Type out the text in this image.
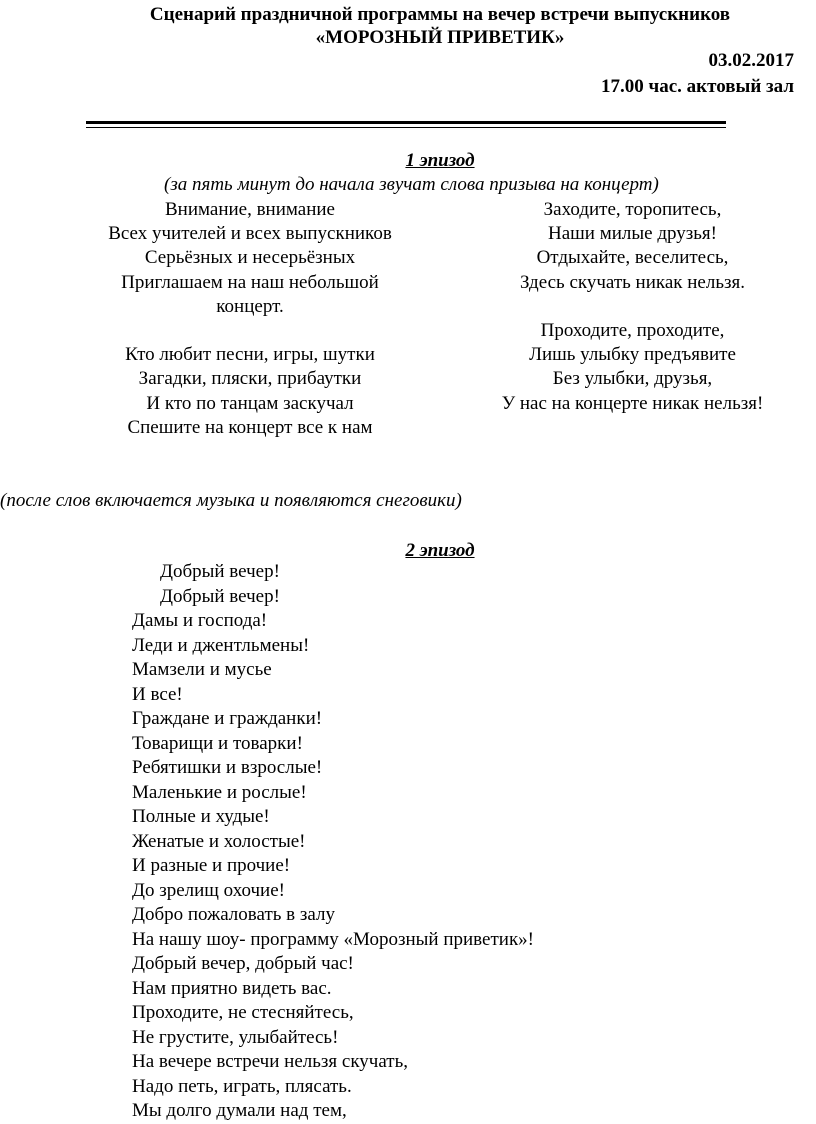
Сценарий праздничной программы на вечер встречи выпускников
«МОРОЗНЫЙ ПРИВЕТИК»
03.02.2017
17.00 час. актовый зал
1 эпизод
(за пять минут до начала звучат слова призыва на концерт)
Внимание, внимание
Всех учителей и всех выпускников
Серьёзных и несерьёзных
Приглашаем на наш небольшой
концерт.
Кто любит песни, игры, шутки
Загадки, пляски, прибаутки
И кто по танцам заскучал
Спешите на концерт все к нам
Заходите, торопитесь,
Наши милые друзья!
Отдыхайте, веселитесь,
Здесь скучать никак нельзя.
Проходите, проходите,
Лишь улыбку предъявите
Без улыбки, друзья,
У нас на концерте никак нельзя!
(после слов включается музыка и появляются снеговики)
2 эпизод
Добрый вечер!
Добрый вечер!
Дамы и господа!
Леди и джентльмены!
Мамзели и мусье
И все!
Граждане и гражданки!
Товарищи и товарки!
Ребятишки и взрослые!
Маленькие и рослые!
Полные и худые!
Женатые и холостые!
И разные и прочие!
До зрелищ охочие!
Добро пожаловать в залу
На нашу шоу- программу «Морозный приветик»!
Добрый вечер, добрый час!
Нам приятно видеть вас.
Проходите, не стесняйтесь,
Не грустите, улыбайтесь!
На вечере встречи нельзя скучать,
Надо петь, играть, плясать.
Мы долго думали над тем,
